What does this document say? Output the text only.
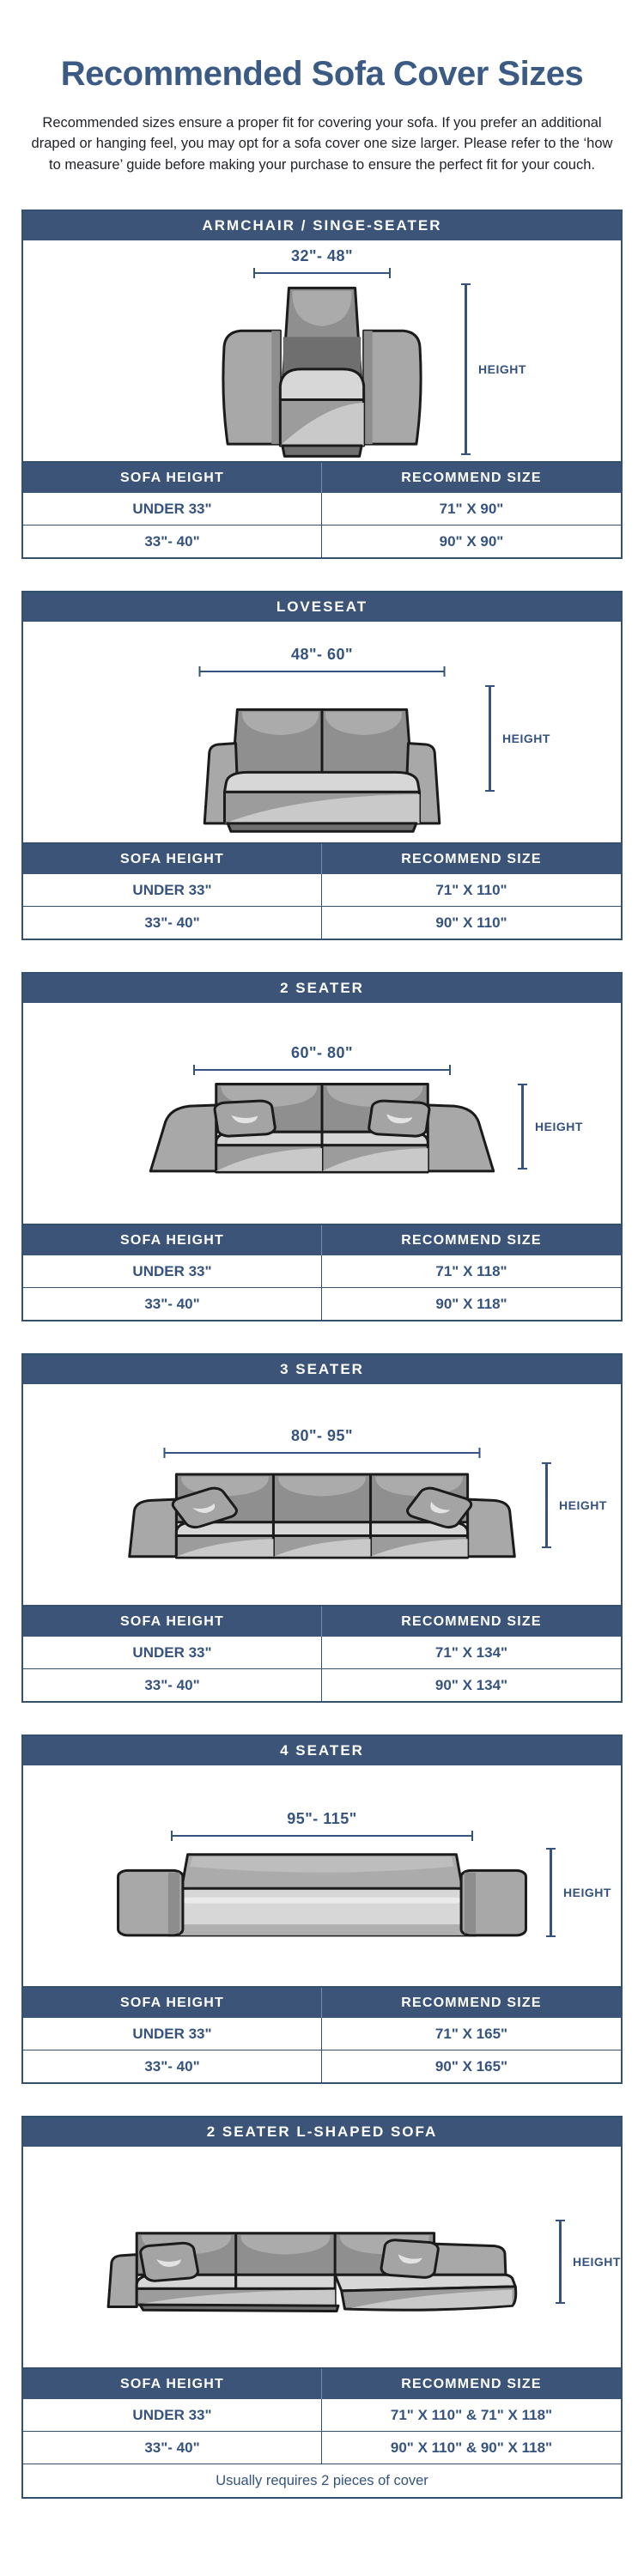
Recommended Sofa Cover Sizes

Recommended sizes ensure a proper fit for covering your sofa. If you prefer an additional draped or hanging feel, you may opt for a sofa cover one size larger. Please refer to the ‘how to measure’ guide before making your purchase to ensure the perfect fit for your couch.

ARMCHAIR / SINGE-SEATER
32"- 48"
HEIGHT
SOFA HEIGHT	RECOMMEND SIZE
UNDER 33"	71" X 90"
33"- 40"	90" X 90"
LOVESEAT
48"- 60"
HEIGHT
SOFA HEIGHT	RECOMMEND SIZE
UNDER 33"	71" X 110"
33"- 40"	90" X 110"
2 SEATER
60"- 80"
HEIGHT
SOFA HEIGHT	RECOMMEND SIZE
UNDER 33"	71" X 118"
33"- 40"	90" X 118"
3 SEATER
80"- 95"
HEIGHT
SOFA HEIGHT	RECOMMEND SIZE
UNDER 33"	71" X 134"
33"- 40"	90" X 134"
4 SEATER
95"- 115"
HEIGHT
SOFA HEIGHT	RECOMMEND SIZE
UNDER 33"	71" X 165"
33"- 40"	90" X 165"
2 SEATER L-SHAPED SOFA
HEIGHT
SOFA HEIGHT	RECOMMEND SIZE
UNDER 33"	71" X 110" & 71" X 118"
33"- 40"	90" X 110" & 90" X 118"
Usually requires 2 pieces of cover
